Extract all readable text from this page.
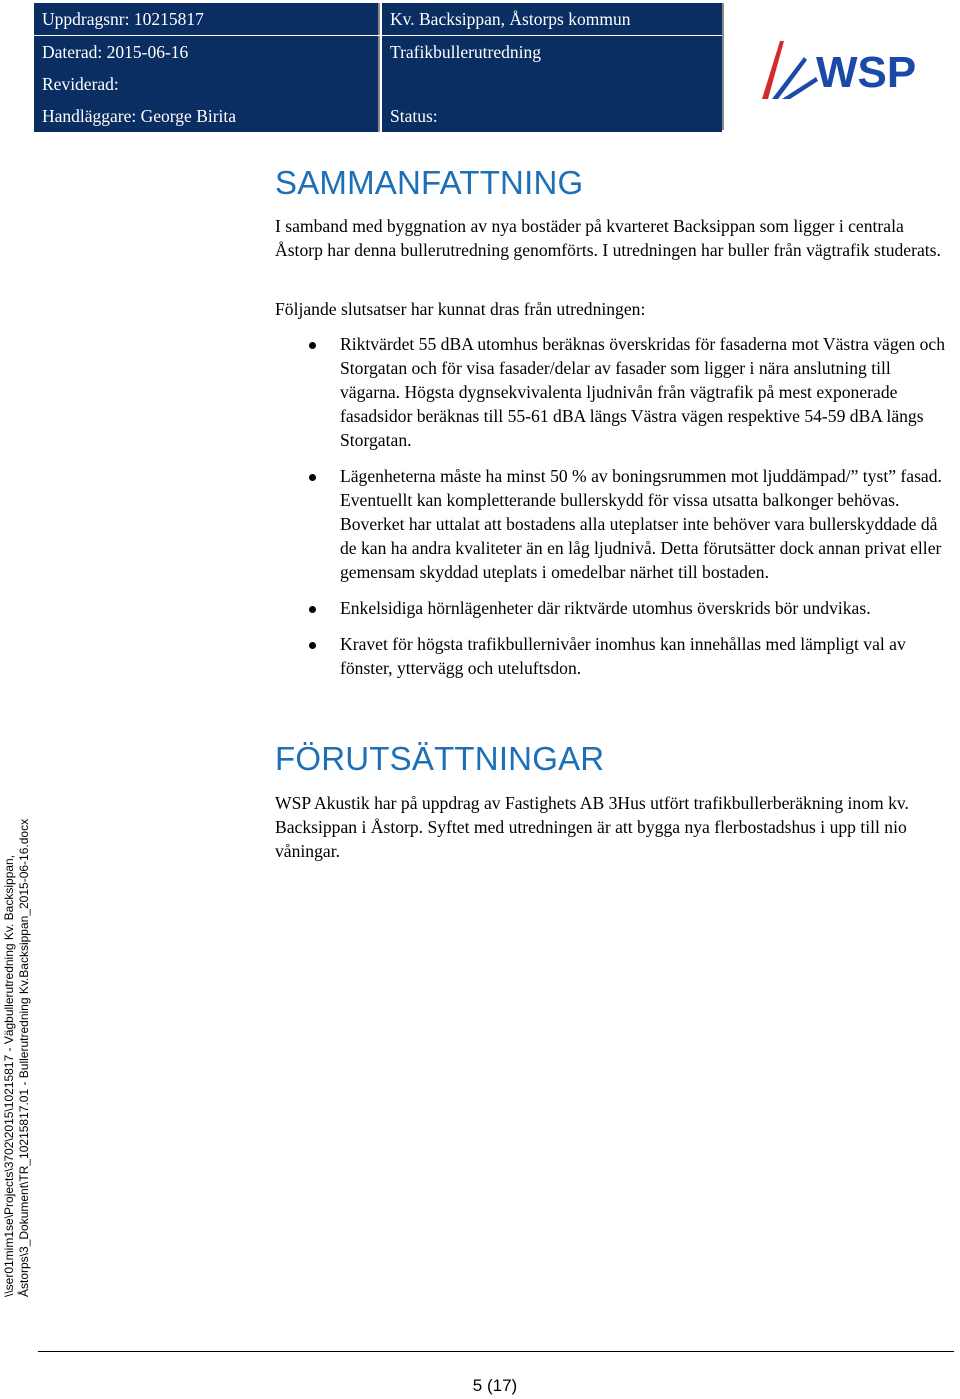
Uppdragsnr: 10215817
Daterad: 2015-06-16
Reviderad:
Handläggare: George Birita
Kv. Backsippan, Åstorps kommun
Trafikbullerutredning
Status:
WSP
SAMMANFATTNING
I samband med byggnation av nya bostäder på kvarteret Backsippan som ligger i centrala Åstorp har denna bullerutredning genomförts. I utredningen har buller från vägtrafik studerats.
Följande slutsatser har kunnat dras från utredningen:
Riktvärdet 55 dBA utomhus beräknas överskridas för fasaderna mot Västra vägen och Storgatan och för visa fasader/delar av fasader som ligger i nära anslutning till vägarna. Högsta dygnsekvivalenta ljudnivån från vägtrafik på mest exponerade fasadsidor beräknas till 55-61 dBA längs Västra vägen respektive 54-59 dBA längs Storgatan.
Lägenheterna måste ha minst 50 % av boningsrummen mot ljuddämpad/” tyst” fasad. Eventuellt kan kompletterande bullerskydd för vissa utsatta balkonger behövas. Boverket har uttalat att bostadens alla uteplatser inte behöver vara bullerskyddade då de kan ha andra kvaliteter än en låg ljudnivå. Detta förutsätter dock annan privat eller gemensam skyddad uteplats i omedelbar närhet till bostaden.
Enkelsidiga hörnlägenheter där riktvärde utomhus överskrids bör undvikas.
Kravet för högsta trafikbullernivåer inomhus kan innehållas med lämpligt val av fönster, yttervägg och uteluftsdon.
FÖRUTSÄTTNINGAR
WSP Akustik har på uppdrag av Fastighets AB 3Hus utfört trafikbullerberäkning inom kv. Backsippan i Åstorp. Syftet med utredningen är att bygga nya flerbostadshus i upp till nio våningar.
\\ser01mim1se\Projects\3702\2015\10215817 - Vägbullerutredning Kv. Backsippan, Åstorps\3_Dokument\TR_10215817.01 - Bullerutredning Kv.Backsippan_2015-06-16.docx
5 (17)
